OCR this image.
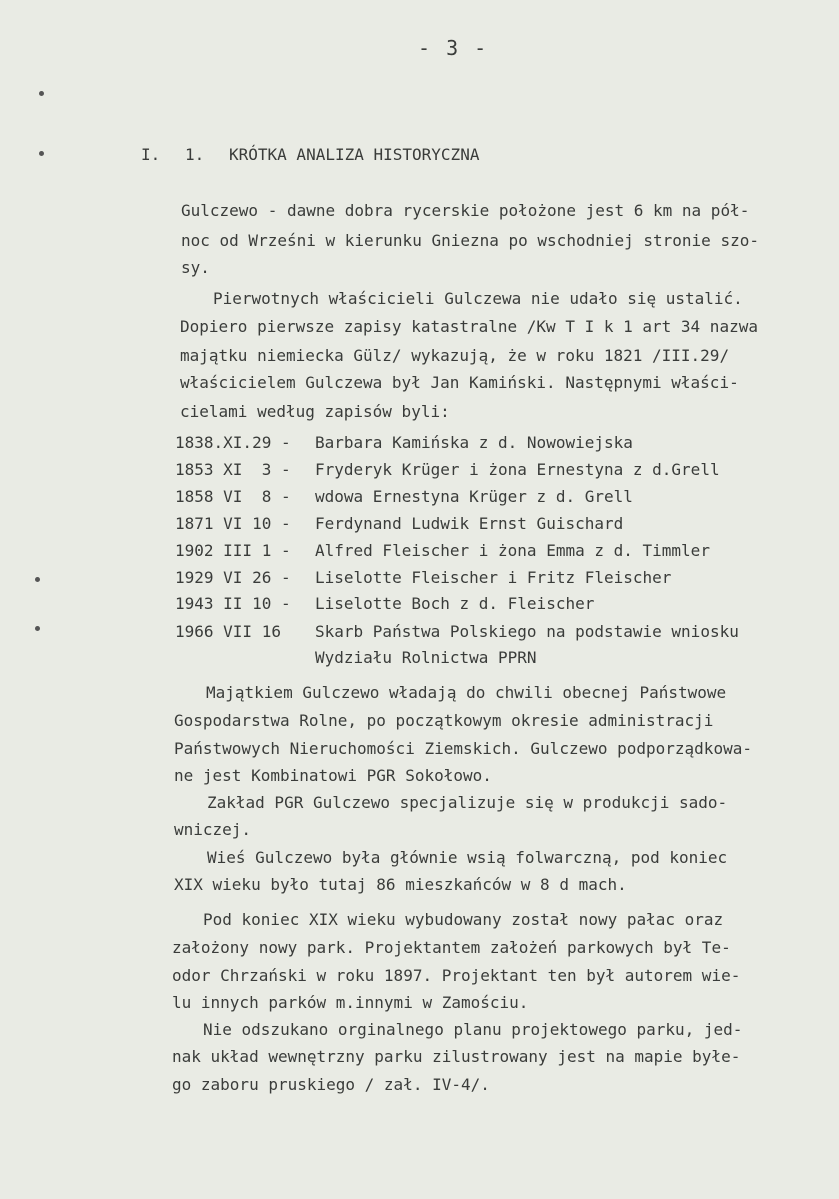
- 3 -
I. 1. KRÓTKA ANALIZA HISTORYCZNA
Gulczewo - dawne dobra rycerskie położone jest 6 km na pół-
noc od Wrześni w kierunku Gniezna po wschodniej stronie szo-
sy.
Pierwotnych właścicieli Gulczewa nie udało się ustalić.
Dopiero pierwsze zapisy katastralne /Kw T I k 1 art 34 nazwa
majątku niemiecka Gülz/ wykazują, że w roku 1821 /III.29/
właścicielem Gulczewa był Jan Kamiński. Następnymi właści-
cielami według zapisów byli:
1838.XI.29 - Barbara Kamińska z d. Nowowiejska
1853 XI  3 - Fryderyk Krüger i żona Ernestyna z d.Grell
1858 VI  8 - wdowa Ernestyna Krüger z d. Grell
1871 VI 10 - Ferdynand Ludwik Ernst Guischard
1902 III 1 - Alfred Fleischer i żona Emma z d. Timmler
1929 VI 26 - Liselotte Fleischer i Fritz Fleischer
1943 II 10 - Liselotte Boch z d. Fleischer
1966 VII 16 Skarb Państwa Polskiego na podstawie wniosku
Wydziału Rolnictwa PPRN
Majątkiem Gulczewo władają do chwili obecnej Państwowe
Gospodarstwa Rolne, po początkowym okresie administracji
Państwowych Nieruchomości Ziemskich. Gulczewo podporządkowa-
ne jest Kombinatowi PGR Sokołowo.
Zakład PGR Gulczewo specjalizuje się w produkcji sado-
wniczej.
Wieś Gulczewo była głównie wsią folwarczną, pod koniec
XIX wieku było tutaj 86 mieszkańców w 8 d mach.
Pod koniec XIX wieku wybudowany został nowy pałac oraz
założony nowy park. Projektantem założeń parkowych był Te-
odor Chrzański w roku 1897. Projektant ten był autorem wie-
lu innych parków m.innymi w Zamościu.
Nie odszukano orginalnego planu projektowego parku, jed-
nak układ wewnętrzny parku zilustrowany jest na mapie byłe-
go zaboru pruskiego / zał. IV-4/.
